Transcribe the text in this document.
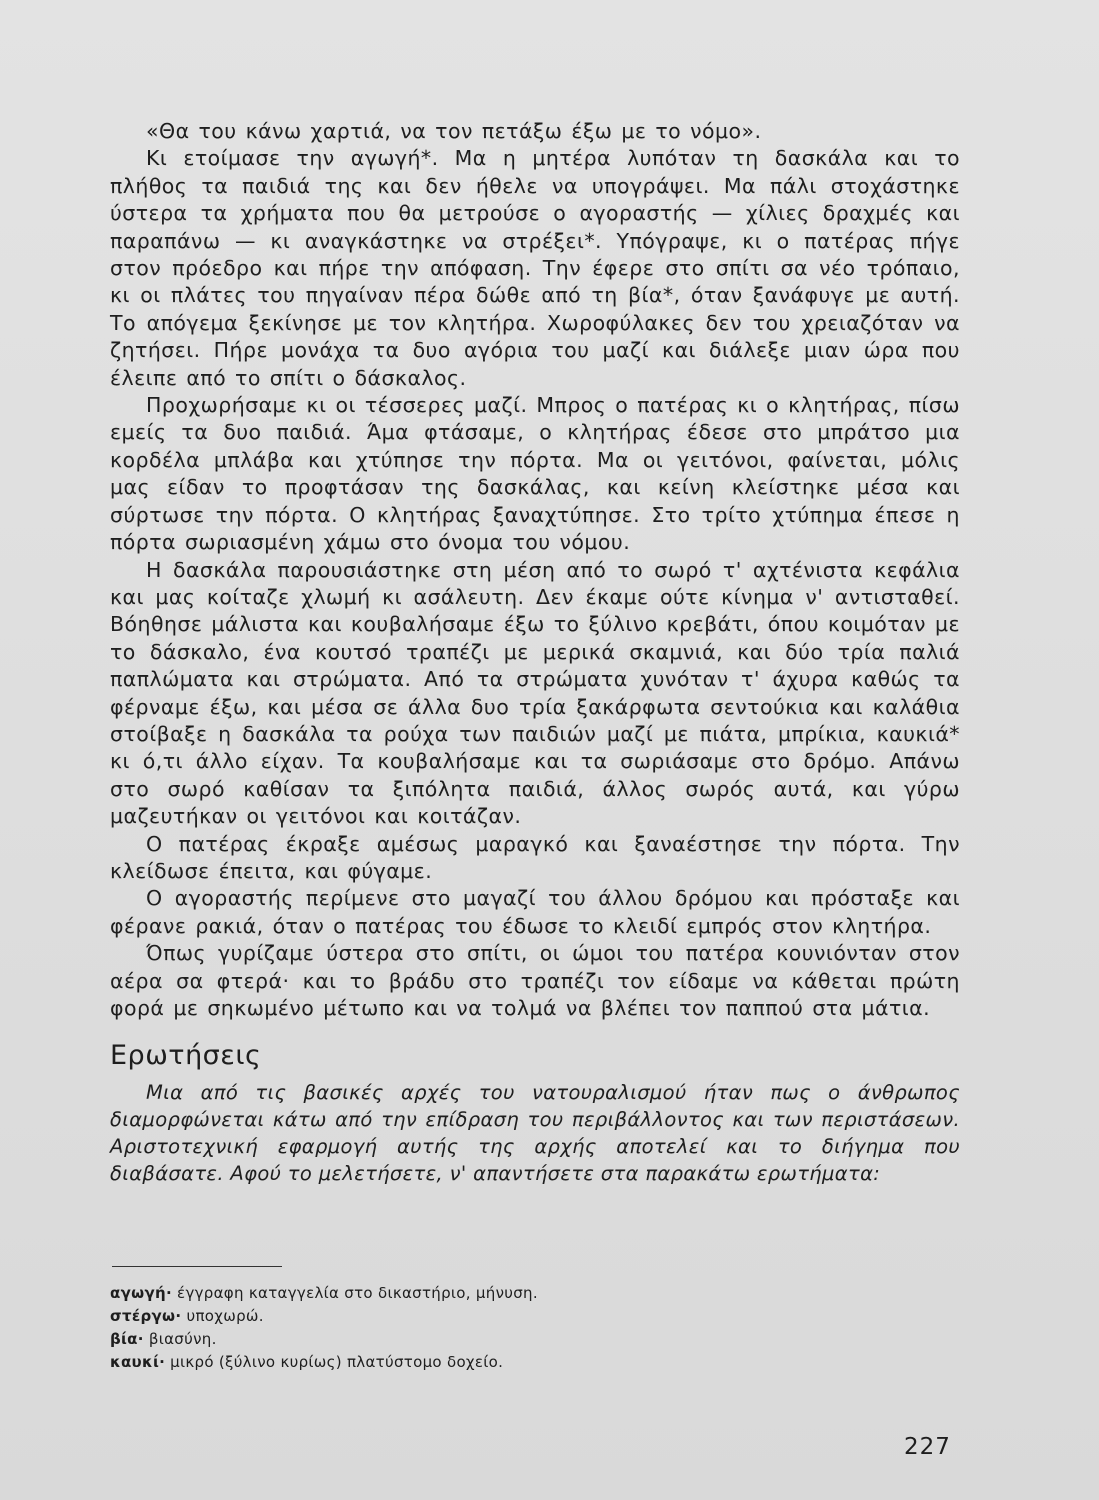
«Θα του κάνω χαρτιά, να τον πετάξω έξω με το νόμο».

Κι ετοίμασε την αγωγή*. Μα η μητέρα λυπόταν τη δασκάλα και το πλήθος τα παιδιά της και δεν ήθελε να υπογράψει. Μα πάλι στοχάστηκε ύστερα τα χρήματα που θα μετρούσε ο αγοραστής — χίλιες δραχμές και παραπάνω — κι αναγκάστηκε να στρέξει*. Υπόγραψε, κι ο πατέρας πήγε στον πρόεδρο και πήρε την απόφαση. Την έφερε στο σπίτι σα νέο τρόπαιο, κι οι πλάτες του πηγαίναν πέρα δώθε από τη βία*, όταν ξανάφυγε με αυτή. Το απόγεμα ξεκίνησε με τον κλητήρα. Χωροφύλακες δεν του χρειαζόταν να ζητήσει. Πήρε μονάχα τα δυο αγόρια του μαζί και διάλεξε μιαν ώρα που έλειπε από το σπίτι ο δάσκαλος.

Προχωρήσαμε κι οι τέσσερες μαζί. Μπρος ο πατέρας κι ο κλητήρας, πίσω εμείς τα δυο παιδιά. Άμα φτάσαμε, ο κλητήρας έδεσε στο μπράτσο μια κορδέλα μπλάβα και χτύπησε την πόρτα. Μα οι γειτόνοι, φαίνεται, μόλις μας είδαν το προφτάσαν της δασκάλας, και κείνη κλείστηκε μέσα και σύρτωσε την πόρτα. Ο κλητήρας ξαναχτύπησε. Στο τρίτο χτύπημα έπεσε η πόρτα σωριασμένη χάμω στο όνομα του νόμου.

Η δασκάλα παρουσιάστηκε στη μέση από το σωρό τ' αχτένιστα κεφάλια και μας κοίταζε χλωμή κι ασάλευτη. Δεν έκαμε ούτε κίνημα ν' αντισταθεί. Βόηθησε μάλιστα και κουβαλήσαμε έξω το ξύλινο κρεβάτι, όπου κοιμόταν με το δάσκαλο, ένα κουτσό τραπέζι με μερικά σκαμνιά, και δύο τρία παλιά παπλώματα και στρώματα. Από τα στρώματα χυνόταν τ' άχυρα καθώς τα φέρναμε έξω, και μέσα σε άλλα δυο τρία ξακάρφωτα σεντούκια και καλάθια στοίβαξε η δασκάλα τα ρούχα των παιδιών μαζί με πιάτα, μπρίκια, καυκιά* κι ό,τι άλλο είχαν. Τα κουβαλήσαμε και τα σωριάσαμε στο δρόμο. Απάνω στο σωρό καθίσαν τα ξιπόλητα παιδιά, άλλος σωρός αυτά, και γύρω μαζευτήκαν οι γειτόνοι και κοιτάζαν.

Ο πατέρας έκραξε αμέσως μαραγκό και ξαναέστησε την πόρτα. Την κλείδωσε έπειτα, και φύγαμε.

Ο αγοραστής περίμενε στο μαγαζί του άλλου δρόμου και πρόσταξε και φέρανε ρακιά, όταν ο πατέρας του έδωσε το κλειδί εμπρός στον κλητήρα.

Όπως γυρίζαμε ύστερα στο σπίτι, οι ώμοι του πατέρα κουνιόνταν στον αέρα σα φτερά· και το βράδυ στο τραπέζι τον είδαμε να κάθεται πρώτη φορά με σηκωμένο μέτωπο και να τολμά να βλέπει τον παππού στα μάτια.

Ερωτήσεις

Μια από τις βασικές αρχές του νατουραλισμού ήταν πως ο άνθρωπος διαμορφώνεται κάτω από την επίδραση του περιβάλλοντος και των περιστάσεων. Αριστοτεχνική εφαρμογή αυτής της αρχής αποτελεί και το διήγημα που διαβάσατε. Αφού το μελετήσετε, ν' απαντήσετε στα παρακάτω ερωτήματα:

αγωγή· έγγραφη καταγγελία στο δικαστήριο, μήνυση.

στέργω· υποχωρώ.

βία· βιασύνη.

καυκί· μικρό (ξύλινο κυρίως) πλατύστομο δοχείο.

227
